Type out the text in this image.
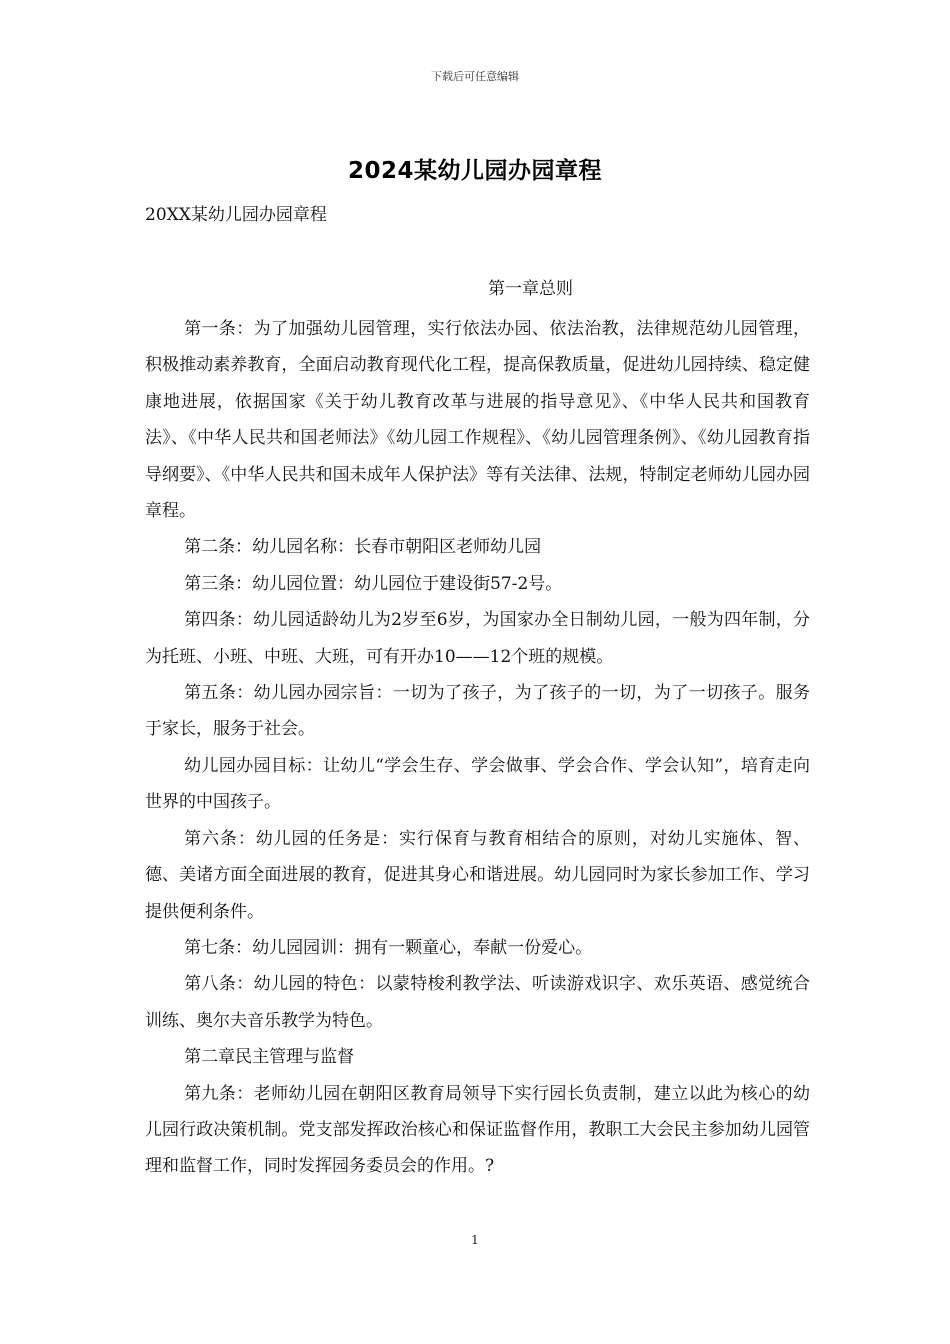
下载后可任意编辑
2024某幼儿园办园章程
20XX某幼儿园办园章程
第一章总则

第一条：为了加强幼儿园管理，实行依法办园、依法治教，法律规范幼儿园管理，积极推动素养教育，全面启动教育现代化工程，提高保教质量，促进幼儿园持续、稳定健康地进展，依据国家《关于幼儿教育改革与进展的指导意见》、《中华人民共和国教育法》、《中华人民共和国老师法》《幼儿园工作规程》、《幼儿园管理条例》、《幼儿园教育指导纲要》、《中华人民共和国未成年人保护法》等有关法律、法规，特制定老师幼儿园办园章程。

第二条：幼儿园名称：长春市朝阳区老师幼儿园

第三条：幼儿园位置：幼儿园位于建设街57-2号。

第四条：幼儿园适龄幼儿为2岁至6岁，为国家办全日制幼儿园，一般为四年制，分为托班、小班、中班、大班，可有开办10——12个班的规模。

第五条：幼儿园办园宗旨：一切为了孩子，为了孩子的一切，为了一切孩子。服务于家长，服务于社会。

幼儿园办园目标：让幼儿“学会生存、学会做事、学会合作、学会认知”，培育走向世界的中国孩子。

第六条：幼儿园的任务是：实行保育与教育相结合的原则，对幼儿实施体、智、德、美诸方面全面进展的教育，促进其身心和谐进展。幼儿园同时为家长参加工作、学习提供便利条件。

第七条：幼儿园园训：拥有一颗童心，奉献一份爱心。

第八条：幼儿园的特色：以蒙特梭利教学法、听读游戏识字、欢乐英语、感觉统合训练、奥尔夫音乐教学为特色。

第二章民主管理与监督

第九条：老师幼儿园在朝阳区教育局领导下实行园长负责制，建立以此为核心的幼儿园行政决策机制。党支部发挥政治核心和保证监督作用，教职工大会民主参加幼儿园管理和监督工作，同时发挥园务委员会的作用。?

1
